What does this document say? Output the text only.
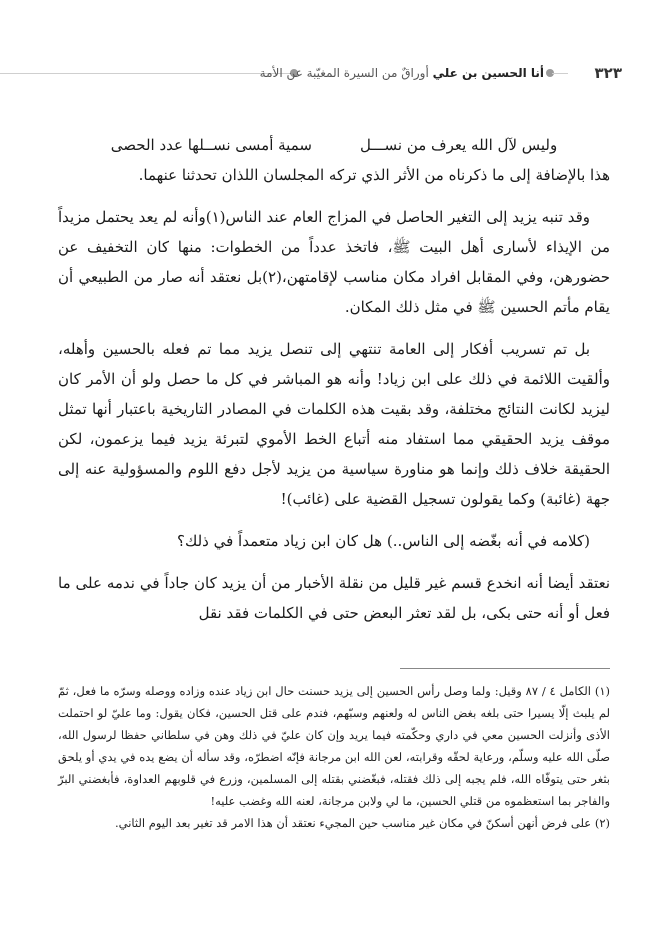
أنا الحسين بن علي أوراقٌ من السيرة المغيّبة عن الأمة	٣٢٣
وليس لآل الله يعرف من نســـل
سمية أمسى نســلها عدد الحصى

هذا بالإضافة إلى ما ذكرناه من الأثر الذي تركه المجلسان اللذان تحدثنا عنهما.

وقد تنبه يزيد إلى التغير الحاصل في المزاج العام عند الناس(١)وأنه لم يعد يحتمل مزيداً من الإيذاء لأسارى أهل البيت ﷺ، فاتخذ عدداً من الخطوات: منها كان التخفيف عن حضورهن، وفي المقابل افراد مكان مناسب لإقامتهن،(٢)بل نعتقد أنه صار من الطبيعي أن يقام مأتم الحسين ﷺ في مثل ذلك المكان.

بل تم تسريب أفكار إلى العامة تنتهي إلى تنصل يزيد مما تم فعله بالحسين وأهله، وألقيت اللائمة في ذلك على ابن زياد! وأنه هو المباشر في كل ما حصل ولو أن الأمر كان ليزيد لكانت النتائج مختلفة، وقد بقيت هذه الكلمات في المصادر التاريخية باعتبار أنها تمثل موقف يزيد الحقيقي مما استفاد منه أتباع الخط الأموي لتبرئة يزيد فيما يزعمون، لكن الحقيقة خلاف ذلك وإنما هو مناورة سياسية من يزيد لأجل دفع اللوم والمسؤولية عنه إلى جهة (غائبة) وكما يقولون تسجيل القضية على (غائب)!

(كلامه في أنه بغّضه إلى الناس..) هل كان ابن زياد متعمداً في ذلك؟

نعتقد أيضا أنه انخدع قسم غير قليل من نقلة الأخبار من أن يزيد كان جاداً في ندمه على ما فعل أو أنه حتى بكى، بل لقد تعثر البعض حتى في الكلمات فقد نقل

(١) الكامل ٤ / ٨٧ وقيل: ولما وصل رأس الحسين إلى يزيد حسنت حال ابن زياد عنده وزاده ووصله وسرّه ما فعل، ثمّ لم يلبث إلّا يسيرا حتى بلغه بغض الناس له ولعنهم وسبّهم، فندم على قتل الحسين، فكان يقول: وما عليّ لو احتملت الأذى وأنزلت الحسين معي في داري وحكّمته فيما يريد وإن كان عليّ في ذلك وهن في سلطاني حفظا لرسول الله، صلّى الله عليه وسلّم، ورعاية لحقّه وقرابته، لعن الله ابن مرجانة فإنّه اضطرّه، وقد سأله أن يضع يده في يدي أو يلحق بثغر حتى يتوفّاه الله، فلم يجبه إلى ذلك فقتله، فبغّضني بقتله إلى المسلمين، وزرع في قلوبهم العداوة، فأبغضني البرّ والفاجر بما استعظموه من قتلي الحسين، ما لي ولابن مرجانة، لعنه الله وغضب عليه!

(٢) على فرض أنهن أسكنّ في مكان غير مناسب حين المجيء نعتقد أن هذا الامر قد تغير بعد اليوم الثاني.
